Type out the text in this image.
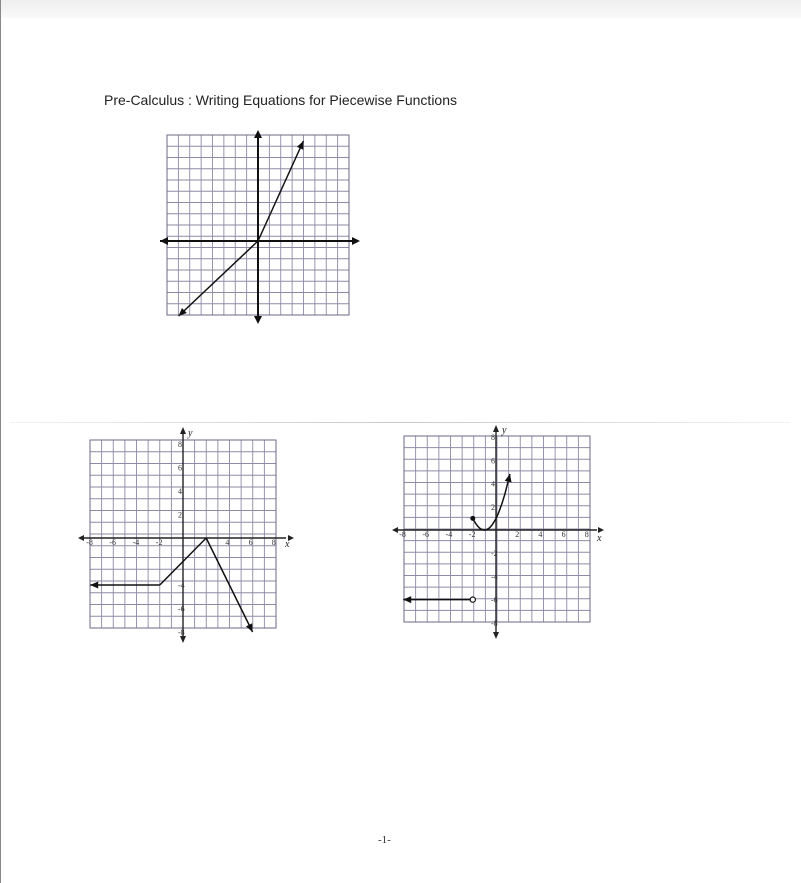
Pre-Calculus : Writing Equations for Piecewise Functions
-8 -6 -4 -2	4 6 8
8
6
4
2
-4
-6
-8
y
x
-8 -6 -4 -2	2 4 6 8
8
6
4
2
-2
-4
-6
-8
y
x
-1-
